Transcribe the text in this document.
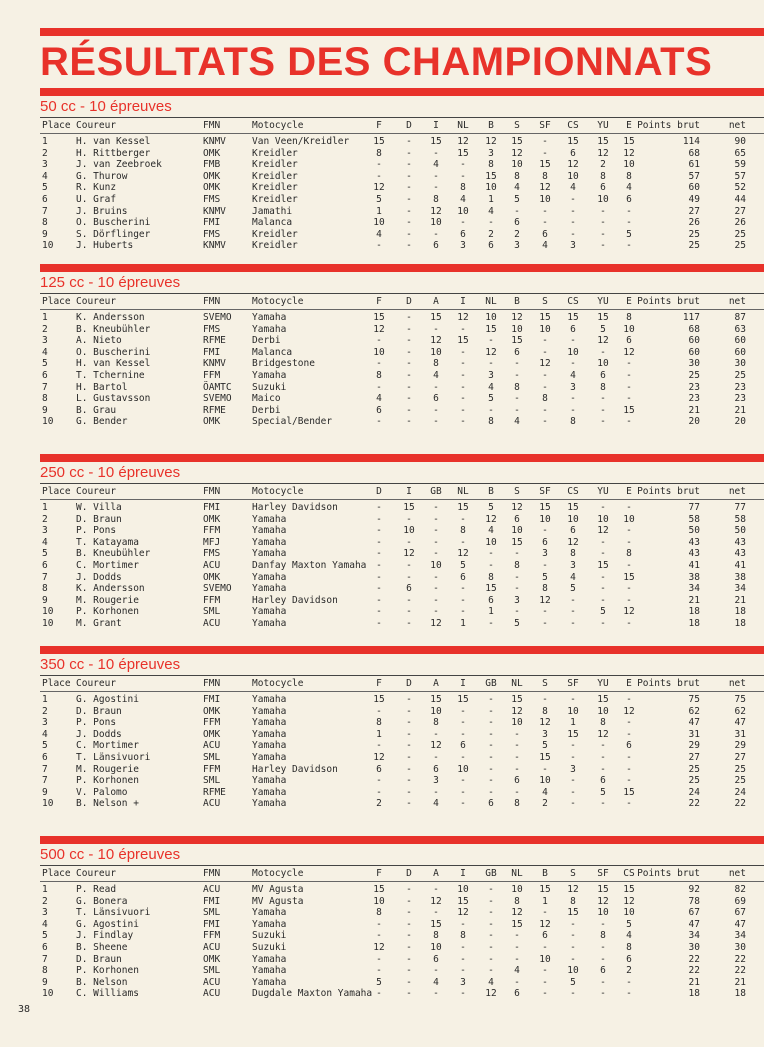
RÉSULTATS DES CHAMPIONNATS
50 cc - 10 épreuves
Place Coureur	FMN	Motocycle	F	D	I	NL	B	S	SF	CS	YU	E Points brut	net
1	H. van Kessel	KNMV	Van Veen/Kreidler	15	-	15	12	12	15	-	15	15	15	114	90
2	H. Rittberger	OMK	Kreidler	8	-	-	15	3	12	-	6	12	12	68	65
3	J. van Zeebroek	FMB	Kreidler	-	-	4	-	8	10	15	12	2	10	61	59
4	G. Thurow	OMK	Kreidler	-	-	-	-	15	8	8	10	8	8	57	57
5	R. Kunz	OMK	Kreidler	12	-	-	8	10	4	12	4	6	4	60	52
6	U. Graf	FMS	Kreidler	5	-	8	4	1	5	10	-	10	6	49	44
7	J. Bruins	KNMV	Jamathi	1	-	12	10	4	-	-	-	-	-	27	27
8	O. Buscherini	FMI	Malanca	10	-	10	-	-	6	-	-	-	-	26	26
9	S. Dörflinger	FMS	Kreidler	4	-	-	6	2	2	6	-	-	5	25	25
10	J. Huberts	KNMV	Kreidler	-	-	6	3	6	3	4	3	-	-	25	25
125 cc - 10 épreuves
Place Coureur	FMN	Motocycle	F	D	A	I	NL	B	S	CS	YU	E Points brut	net
1	K. Andersson	SVEMO	Yamaha	15	-	15	12	10	12	15	15	15	8	117	87
2	B. Kneubühler	FMS	Yamaha	12	-	-	-	15	10	10	6	5	10	68	63
3	A. Nieto	RFME	Derbi	-	-	12	15	-	15	-	-	12	6	60	60
4	O. Buscherini	FMI	Malanca	10	-	10	-	12	6	-	10	-	12	60	60
5	H. van Kessel	KNMV	Bridgestone	-	-	8	-	-	-	12	-	10	-	30	30
6	T. Tchernine	FFM	Yamaha	8	-	4	-	3	-	-	4	6	-	25	25
7	H. Bartol	ÖAMTC	Suzuki	-	-	-	-	4	8	-	3	8	-	23	23
8	L. Gustavsson	SVEMO	Maico	4	-	6	-	5	-	8	-	-	-	23	23
9	B. Grau	RFME	Derbi	6	-	-	-	-	-	-	-	-	15	21	21
10	G. Bender	OMK	Special/Bender	-	-	-	-	8	4	-	8	-	-	20	20
250 cc - 10 épreuves
Place Coureur	FMN	Motocycle	D	I	GB	NL	B	S	SF	CS	YU	E Points brut	net
1	W. Villa	FMI	Harley Davidson	-	15	-	15	5	12	15	15	-	-	77	77
2	D. Braun	OMK	Yamaha	-	-	-	-	12	6	10	10	10	10	58	58
3	P. Pons	FFM	Yamaha	-	10	-	8	4	10	-	6	12	-	50	50
4	T. Katayama	MFJ	Yamaha	-	-	-	-	10	15	6	12	-	-	43	43
5	B. Kneubühler	FMS	Yamaha	-	12	-	12	-	-	3	8	-	8	43	43
6	C. Mortimer	ACU	Danfay Maxton Yamaha	-	-	10	5	-	8	-	3	15	-	41	41
7	J. Dodds	OMK	Yamaha	-	-	-	6	8	-	5	4	-	15	38	38
8	K. Andersson	SVEMO	Yamaha	-	6	-	-	15	-	8	5	-	-	34	34
9	M. Rougerie	FFM	Harley Davidson	-	-	-	-	6	3	12	-	-	-	21	21
10	P. Korhonen	SML	Yamaha	-	-	-	-	1	-	-	-	5	12	18	18
10	M. Grant	ACU	Yamaha	-	-	12	1	-	5	-	-	-	-	18	18
350 cc - 10 épreuves
Place Coureur	FMN	Motocycle	F	D	A	I	GB	NL	S	SF	YU	E Points brut	net
1	G. Agostini	FMI	Yamaha	15	-	15	15	-	15	-	-	15	-	75	75
2	D. Braun	OMK	Yamaha	-	-	10	-	-	12	8	10	10	12	62	62
3	P. Pons	FFM	Yamaha	8	-	8	-	-	10	12	1	8	-	47	47
4	J. Dodds	OMK	Yamaha	1	-	-	-	-	-	3	15	12	-	31	31
5	C. Mortimer	ACU	Yamaha	-	-	12	6	-	-	5	-	-	6	29	29
6	T. Länsivuori	SML	Yamaha	12	-	-	-	-	-	15	-	-	-	27	27
7	M. Rougerie	FFM	Harley Davidson	6	-	6	10	-	-	-	3	-	-	25	25
7	P. Korhonen	SML	Yamaha	-	-	3	-	-	6	10	-	6	-	25	25
9	V. Palomo	RFME	Yamaha	-	-	-	-	-	-	4	-	5	15	24	24
10	B. Nelson +	ACU	Yamaha	2	-	4	-	6	8	2	-	-	-	22	22
500 cc - 10 épreuves
Place Coureur	FMN	Motocycle	F	D	A	I	GB	NL	B	S	SF	CS Points brut	net
1	P. Read	ACU	MV Agusta	15	-	-	10	-	10	15	12	15	15	92	82
2	G. Bonera	FMI	MV Agusta	10	-	12	15	-	8	1	8	12	12	78	69
3	T. Länsivuori	SML	Yamaha	8	-	-	12	-	12	-	15	10	10	67	67
4	G. Agostini	FMI	Yamaha	-	-	15	-	-	15	12	-	-	5	47	47
5	J. Findlay	FFM	Suzuki	-	-	8	8	-	-	6	-	8	4	34	34
6	B. Sheene	ACU	Suzuki	12	-	10	-	-	-	-	-	-	8	30	30
7	D. Braun	OMK	Yamaha	-	-	6	-	-	-	10	-	-	6	22	22
8	P. Korhonen	SML	Yamaha	-	-	-	-	-	4	-	10	6	2	22	22
9	B. Nelson	ACU	Yamaha	5	-	4	3	4	-	-	5	-	-	21	21
10	C. Williams	ACU	Dugdale Maxton Yamaha -	-	-	-	12	6	-	-	-	-	18	18
38
